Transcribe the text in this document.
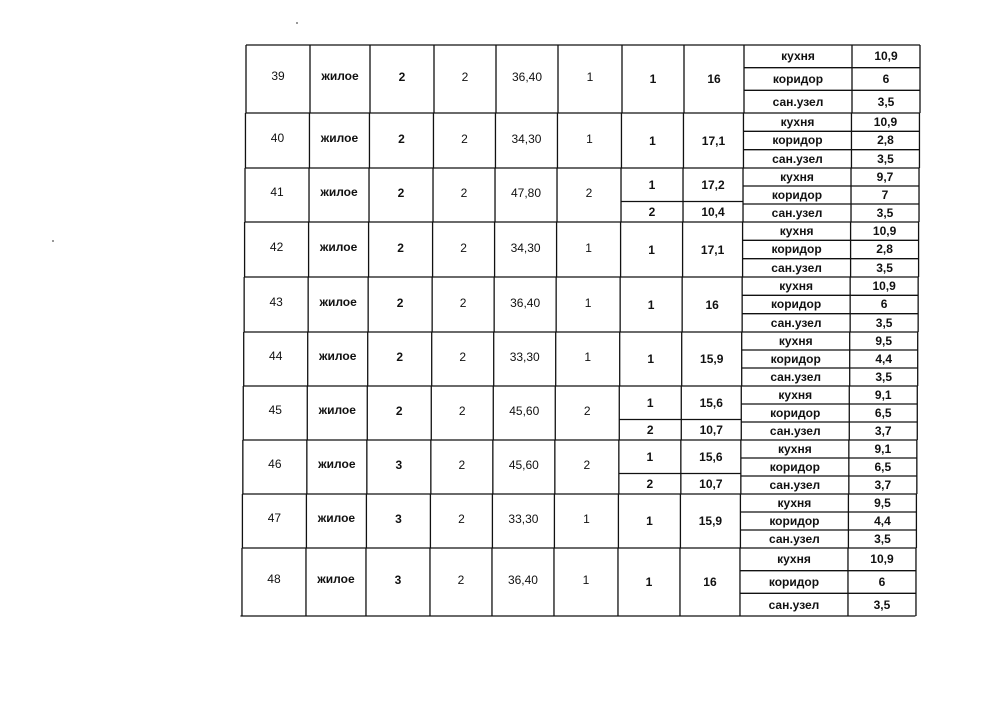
39	жилое	2	2	36,40	1	1	16
кухня	10,9
коридор	6
сан.узел	3,5
40	жилое	2	2	34,30	1	1	17,1
кухня	10,9
коридор	2,8
сан.узел	3,5
41	жилое	2	2	47,80	2
1	17,2
2	10,4
кухня	9,7
коридор	7
сан.узел	3,5
42	жилое	2	2	34,30	1	1	17,1
кухня	10,9
коридор	2,8
сан.узел	3,5
43	жилое	2	2	36,40	1	1	16
кухня	10,9
коридор	6
сан.узел	3,5
44	жилое	2	2	33,30	1	1	15,9
кухня	9,5
коридор	4,4
сан.узел	3,5
45	жилое	2	2	45,60	2
1	15,6
2	10,7
кухня	9,1
коридор	6,5
сан.узел	3,7
46	жилое	3	2	45,60	2
1	15,6
2	10,7
кухня	9,1
коридор	6,5
сан.узел	3,7
47	жилое	3	2	33,30	1	1	15,9
кухня	9,5
коридор	4,4
сан.узел	3,5
48	жилое	3	2	36,40	1	1	16
кухня	10,9
коридор	6
сан.узел	3,5
